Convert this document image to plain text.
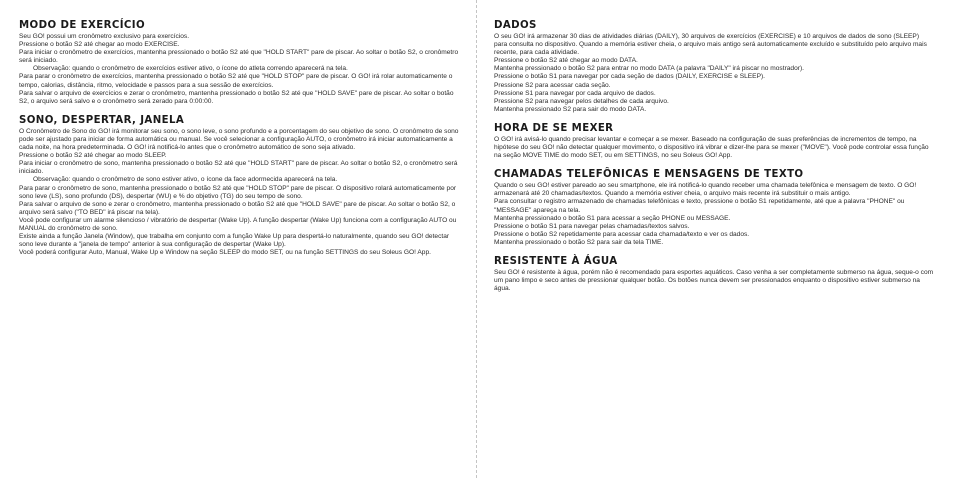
MODO DE EXERCÍCIO

Seu GO! possui um cronômetro exclusivo para exercícios.

Pressione o botão S2 até chegar ao modo EXERCISE.

Para iniciar o cronômetro de exercícios, mantenha pressionado o botão S2 até que "HOLD START" pare de piscar. Ao soltar o botão S2, o cronômetro será iniciado.

Observação: quando o cronômetro de exercícios estiver ativo, o ícone do atleta correndo aparecerá na tela.

Para parar o cronômetro de exercícios, mantenha pressionado o botão S2 até que "HOLD STOP" pare de piscar. O GO! irá rolar automaticamente o tempo, calorias, distância, ritmo, velocidade e passos para a sua sessão de exercícios.

Para salvar o arquivo de exercícios e zerar o cronômetro, mantenha pressionado o botão S2 até que "HOLD SAVE" pare de piscar. Ao soltar o botão S2, o arquivo será salvo e o cronômetro será zerado para 0:00:00.

SONO, DESPERTAR, JANELA

O Cronômetro de Sono do GO! irá monitorar seu sono, o sono leve, o sono profundo e a porcentagem do seu objetivo de sono. O cronômetro de sono pode ser ajustado para iniciar de forma automática ou manual. Se você selecionar a configuração AUTO, o cronômetro irá iniciar automaticamente a cada noite, na hora predeterminada. O GO! irá notificá-lo antes que o cronômetro automático de sono seja ativado.

Pressione o botão S2 até chegar ao modo SLEEP.

Para iniciar o cronômetro de sono, mantenha pressionado o botão S2 até que "HOLD START" pare de piscar. Ao soltar o botão S2, o cronômetro será iniciado.

Observação: quando o cronômetro de sono estiver ativo, o ícone da face adormecida aparecerá na tela.

Para parar o cronômetro de sono, mantenha pressionado o botão S2 até que "HOLD STOP" pare de piscar. O dispositivo rolará automaticamente por sono leve (LS), sono profundo (DS), despertar (WU) e % do objetivo (TG) do seu tempo de sono.

Para salvar o arquivo de sono e zerar o cronômetro, mantenha pressionado o botão S2 até que "HOLD SAVE" pare de piscar. Ao soltar o botão S2, o arquivo será salvo ("TO BED" irá piscar na tela).

Você pode configurar um alarme silencioso / vibratório de despertar (Wake Up). A função despertar (Wake Up) funciona com a configuração AUTO ou MANUAL do cronômetro de sono.

Existe ainda a função Janela (Window), que trabalha em conjunto com a função Wake Up para despertá-lo naturalmente, quando seu GO! detectar sono leve durante a "janela de tempo" anterior à sua configuração de despertar (Wake Up).

Você poderá configurar Auto, Manual, Wake Up e Window na seção SLEEP do modo SET, ou na função SETTINGS do seu Soleus GO! App.

DADOS

O seu GO! irá armazenar 30 dias de atividades diárias (DAILY), 30 arquivos de exercícios (EXERCISE) e 10 arquivos de dados de sono (SLEEP) para consulta no dispositivo. Quando a memória estiver cheia, o arquivo mais antigo será automaticamente excluído e substituído pelo arquivo mais recente, para cada atividade.

Pressione o botão S2 até chegar ao modo DATA.

Mantenha pressionado o botão S2 para entrar no modo DATA (a palavra "DAILY" irá piscar no mostrador).

Pressione o botão S1 para navegar por cada seção de dados (DAILY, EXERCISE e SLEEP).

Pressione S2 para acessar cada seção.

Pressione S1 para navegar por cada arquivo de dados.

Pressione S2 para navegar pelos detalhes de cada arquivo.

Mantenha pressionado S2 para sair do modo DATA.

HORA DE SE MEXER

O GO! irá avisá-lo quando precisar levantar e começar a se mexer. Baseado na configuração de suas preferências de incrementos de tempo, na hipótese do seu GO! não detectar qualquer movimento, o dispositivo irá vibrar e dizer-lhe para se mexer ("MOVE"). Você pode controlar essa função na seção MOVE TIME do modo SET, ou em SETTINGS, no seu Soleus GO! App.

CHAMADAS TELEFÔNICAS E MENSAGENS DE TEXTO

Quando o seu GO! estiver pareado ao seu smartphone, ele irá notificá-lo quando receber uma chamada telefônica e mensagem de texto. O GO! armazenará até 20 chamadas/textos. Quando a memória estiver cheia, o arquivo mais recente irá substituir o mais antigo.

Para consultar o registro armazenado de chamadas telefônicas e texto, pressione o botão S1 repetidamente, até que a palavra "PHONE" ou "MESSAGE" apareça na tela.

Mantenha pressionado o botão S1 para acessar a seção PHONE ou MESSAGE.

Pressione o botão S1 para navegar pelas chamadas/textos salvos.

Pressione o botão S2 repetidamente para acessar cada chamada/texto e ver os dados.

Mantenha pressionado o botão S2 para sair da tela TIME.

RESISTENTE À ÁGUA

Seu GO! é resistente à água, porém não é recomendado para esportes aquáticos. Caso venha a ser completamente submerso na água, seque-o com um pano limpo e seco antes de pressionar qualquer botão. Os botões nunca devem ser pressionados enquanto o dispositivo estiver submerso na água.
